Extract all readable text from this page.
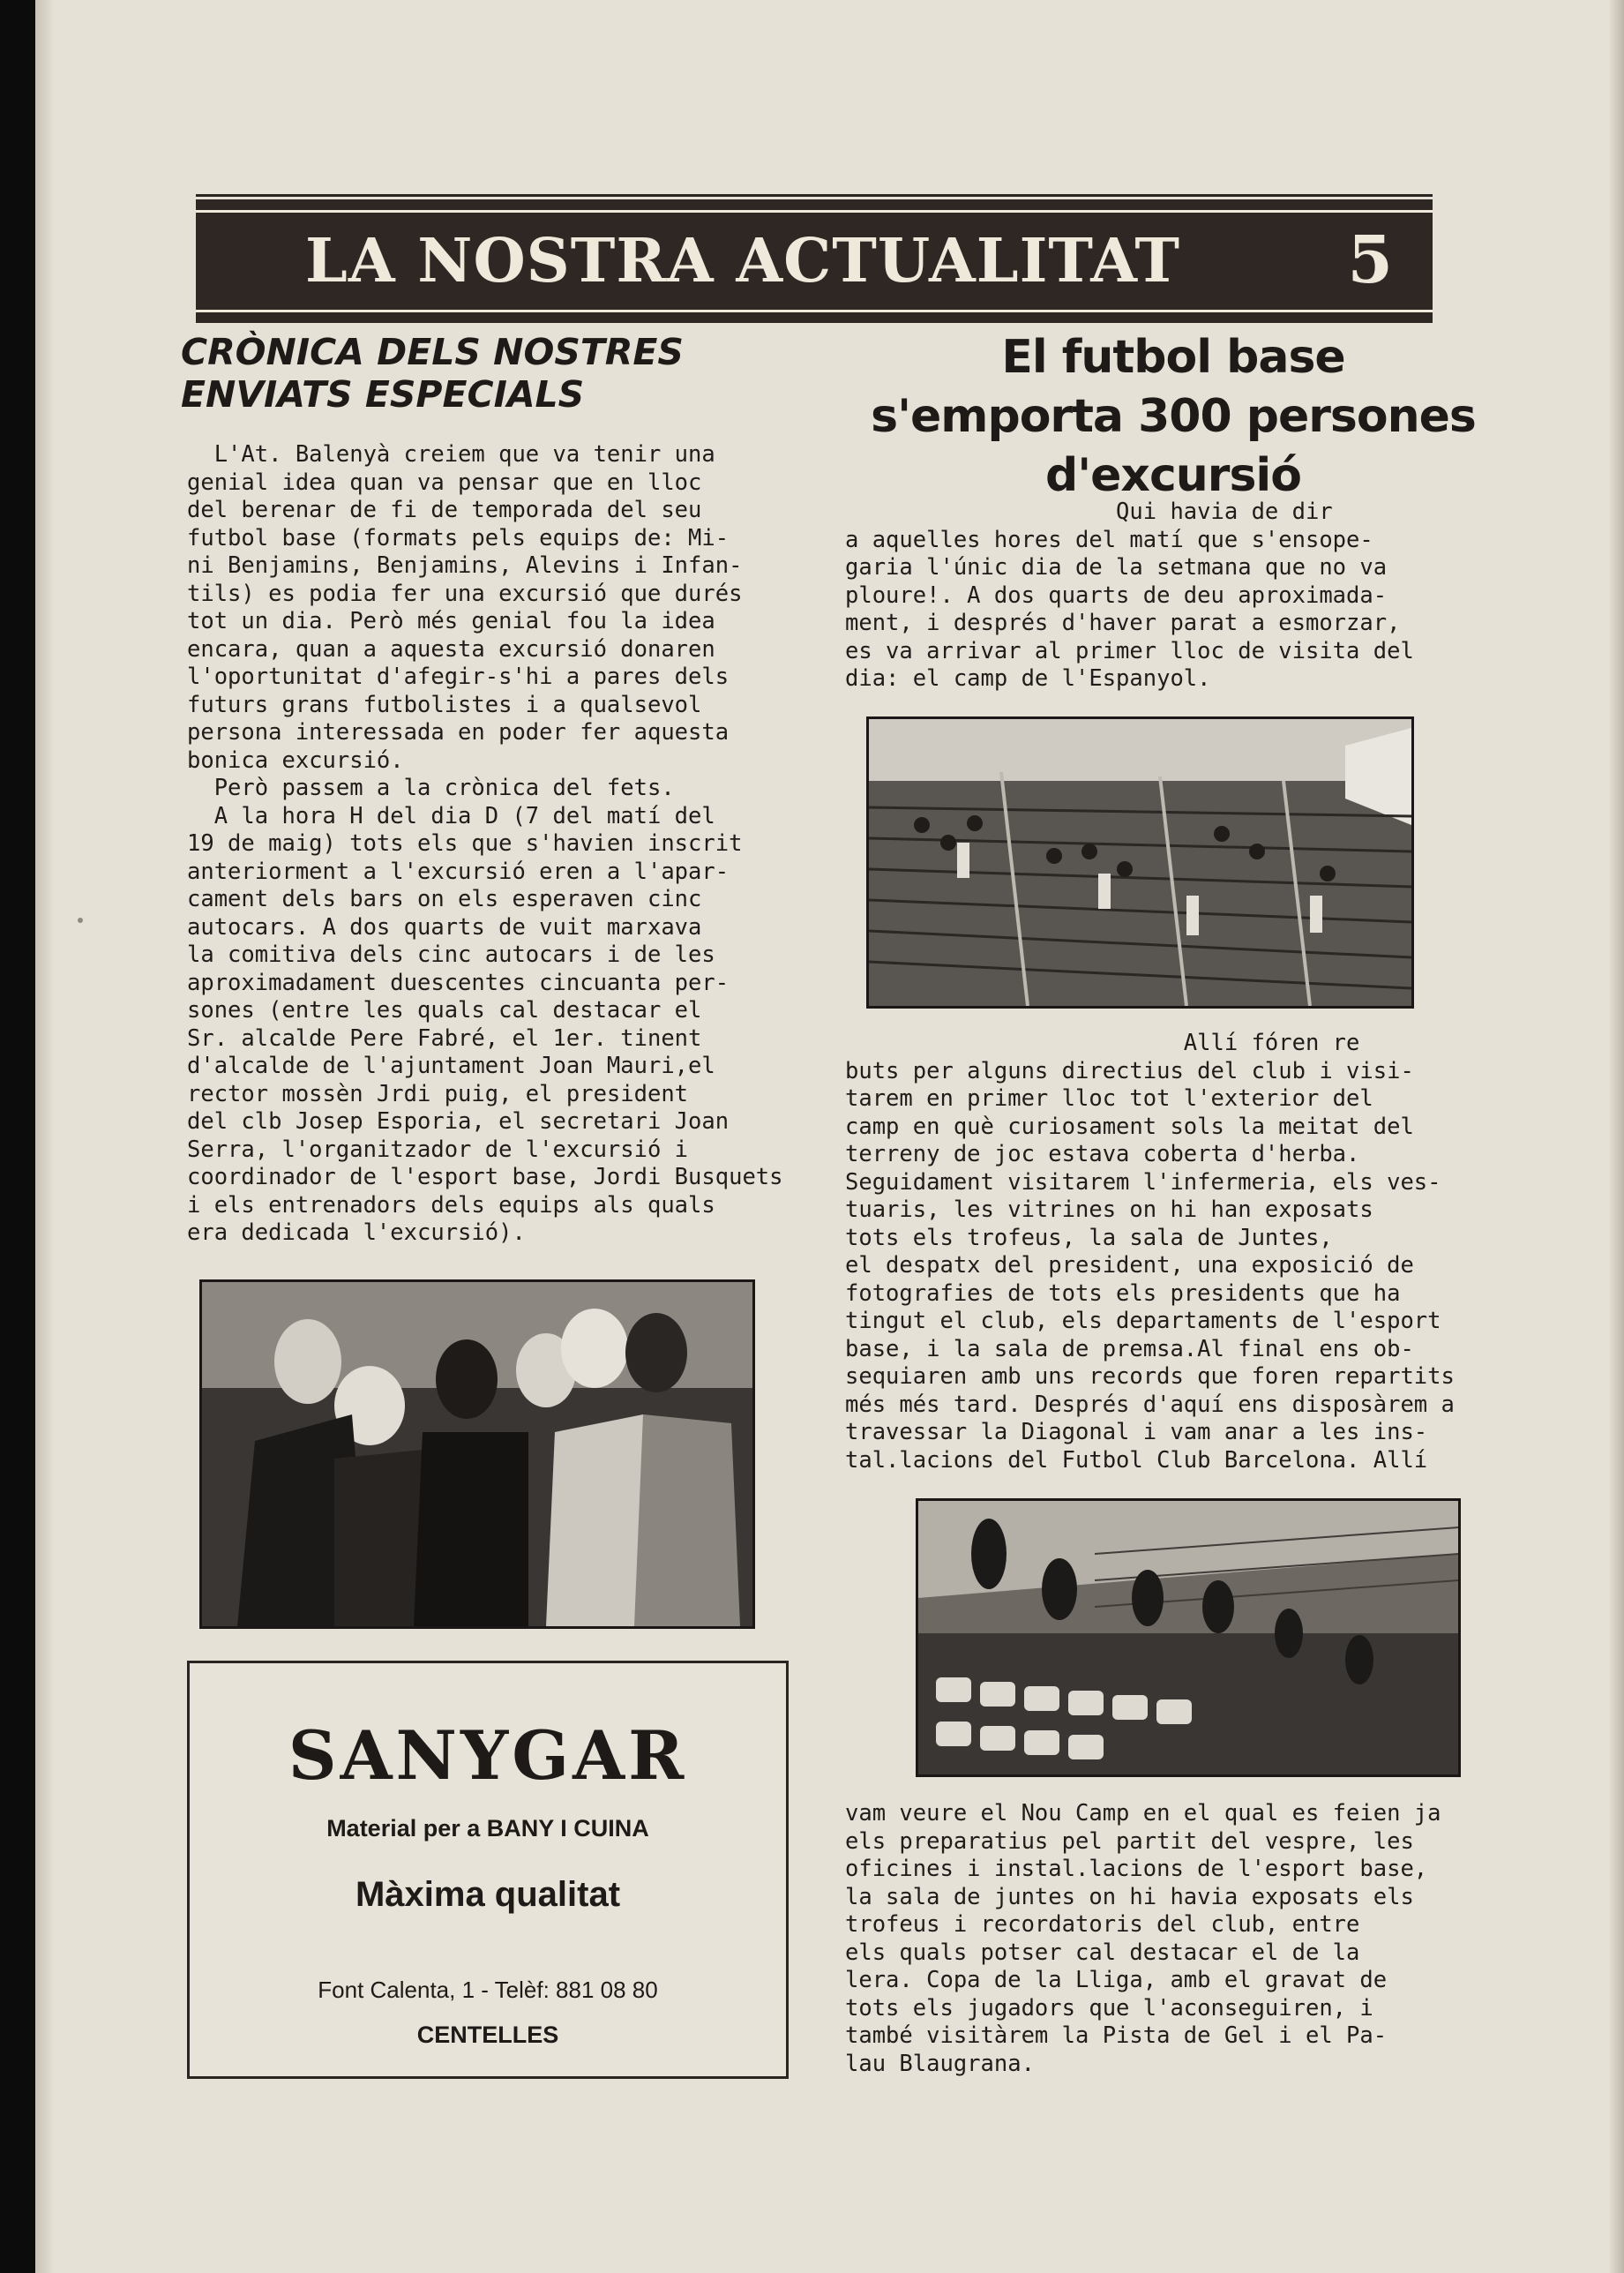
LA NOSTRA ACTUALITAT	5
CRÒNICA DELS NOSTRES
ENVIATS ESPECIALS
El futbol base
s'emporta 300 persones
d'excursió
L'At. Balenyà creiem que va tenir una
genial idea quan va pensar que en lloc
del berenar de fi de temporada del seu
futbol base (formats pels equips de: Mi-
ni Benjamins, Benjamins, Alevins i Infan-
tils) es podia fer una excursió que durés
tot un dia. Però més genial fou la idea
encara, quan a aquesta excursió donaren
l'oportunitat d'afegir-s'hi a pares dels
futurs grans futbolistes i a qualsevol
persona interessada en poder fer aquesta
bonica excursió.
Però passem a la crònica del fets.
A la hora H del dia D (7 del matí del
19 de maig) tots els que s'havien inscrit
anteriorment a l'excursió eren a l'apar-
cament dels bars on els esperaven cinc
autocars. A dos quarts de vuit marxava
la comitiva dels cinc autocars i de les
aproximadament duescentes cincuanta per-
sones (entre les quals cal destacar el
Sr. alcalde Pere Fabré, el 1er. tinent
d'alcalde de l'ajuntament Joan Mauri,el
rector mossèn Jrdi puig, el president
del clb Josep Esporia, el secretari Joan
Serra, l'organitzador de l'excursió i
coordinador de l'esport base, Jordi Busquets
i els entrenadors dels equips als quals
era dedicada l'excursió).
Qui havia de dir
a aquelles hores del matí que s'ensope-
garia l'únic dia de la setmana que no va
ploure!. A dos quarts de deu aproximada-
ment, i després d'haver parat a esmorzar,
es va arrivar al primer lloc de visita del
dia: el camp de l'Espanyol.
Allí fóren re
buts per alguns directius del club i visi-
tarem en primer lloc tot l'exterior del
camp en què curiosament sols la meitat del
terreny de joc estava coberta d'herba.
Seguidament visitarem l'infermeria, els ves-
tuaris, les vitrines on hi han exposats
tots els trofeus, la sala de Juntes,
el despatx del president, una exposició de
fotografies de tots els presidents que ha
tingut el club, els departaments de l'esport
base, i la sala de premsa.Al final ens ob-
sequiaren amb uns records que foren repartits
més més tard. Després d'aquí ens disposàrem a
travessar la Diagonal i vam anar a les ins-
tal.lacions del Futbol Club Barcelona. Allí
vam veure el Nou Camp en el qual es feien ja
els preparatius pel partit del vespre, les
oficines i instal.lacions de l'esport base,
la sala de juntes on hi havia exposats els
trofeus i recordatoris del club, entre
els quals potser cal destacar el de la
lera. Copa de la Lliga, amb el gravat de
tots els jugadors que l'aconseguiren, i
també visitàrem la Pista de Gel i el Pa-
lau Blaugrana.
SANYGAR
Material per a BANY I CUINA
Màxima qualitat
Font Calenta, 1 - Telèf: 881 08 80
CENTELLES
